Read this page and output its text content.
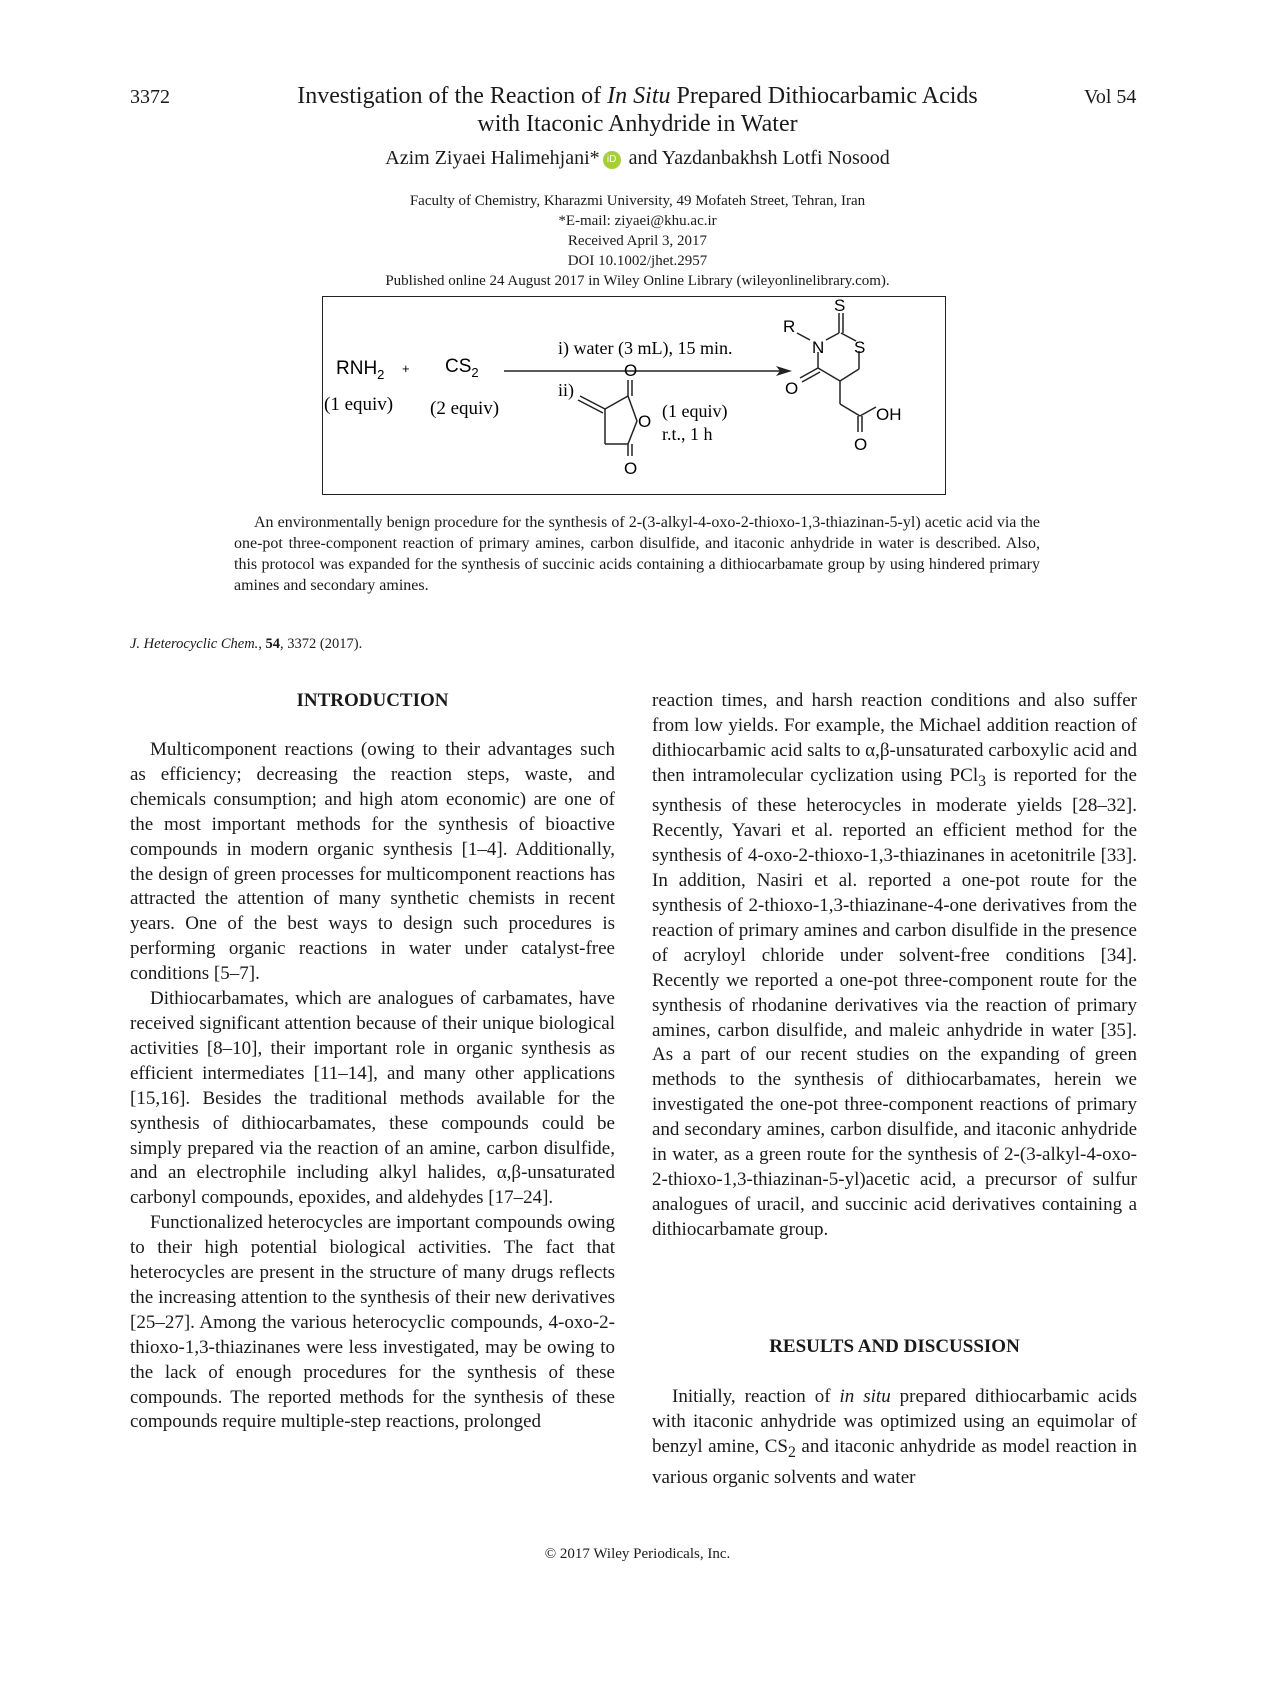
3372	Vol 54
Investigation of the Reaction of In Situ Prepared Dithiocarbamic Acids
with Itaconic Anhydride in Water
Azim Ziyaei Halimehjani* iD and Yazdanbakhsh Lotfi Nosood
Faculty of Chemistry, Kharazmi University, 49 Mofateh Street, Tehran, Iran
*E-mail: ziyaei@khu.ac.ir
Received April 3, 2017
DOI 10.1002/jhet.2957
Published online 24 August 2017 in Wiley Online Library (wileyonlinelibrary.com).
$RNH_2 + CS_2$
(1 equiv) (2 equiv)
i) water (3 mL), 15 min.
ii)
O
O
O
(1 equiv)
r.t., 1 h
S
R
N S
O
OH
O
An environmentally benign procedure for the synthesis of 2-(3-alkyl-4-oxo-2-thioxo-1,3-thiazinan-5-yl) acetic acid via the one-pot three-component reaction of primary amines, carbon disulfide, and itaconic anhydride in water is described. Also, this protocol was expanded for the synthesis of succinic acids containing a dithiocarbamate group by using hindered primary amines and secondary amines.
J. Heterocyclic Chem., 54, 3372 (2017).
INTRODUCTION

Multicomponent reactions (owing to their advantages such as efficiency; decreasing the reaction steps, waste, and chemicals consumption; and high atom economic) are one of the most important methods for the synthesis of bioactive compounds in modern organic synthesis [1–4]. Additionally, the design of green processes for multicomponent reactions has attracted the attention of many synthetic chemists in recent years. One of the best ways to design such procedures is performing organic reactions in water under catalyst-free conditions [5–7].

Dithiocarbamates, which are analogues of carbamates, have received significant attention because of their unique biological activities [8–10], their important role in organic synthesis as efficient intermediates [11–14], and many other applications [15,16]. Besides the traditional methods available for the synthesis of dithiocarbamates, these compounds could be simply prepared via the reaction of an amine, carbon disulfide, and an electrophile including alkyl halides, α,β-unsaturated carbonyl compounds, epoxides, and aldehydes [17–24].

Functionalized heterocycles are important compounds owing to their high potential biological activities. The fact that heterocycles are present in the structure of many drugs reflects the increasing attention to the synthesis of their new derivatives [25–27]. Among the various heterocyclic compounds, 4-oxo-2-thioxo-1,3-thiazinanes were less investigated, may be owing to the lack of enough procedures for the synthesis of these compounds. The reported methods for the synthesis of these compounds require multiple-step reactions, prolonged

reaction times, and harsh reaction conditions and also suffer from low yields. For example, the Michael addition reaction of dithiocarbamic acid salts to α,β-unsaturated carboxylic acid and then intramolecular cyclization using PCl$_3$ is reported for the synthesis of these heterocycles in moderate yields [28–32]. Recently, Yavari et al. reported an efficient method for the synthesis of 4-oxo-2-thioxo-1,3-thiazinanes in acetonitrile [33]. In addition, Nasiri et al. reported a one-pot route for the synthesis of 2-thioxo-1,3-thiazinane-4-one derivatives from the reaction of primary amines and carbon disulfide in the presence of acryloyl chloride under solvent-free conditions [34]. Recently we reported a one-pot three-component route for the synthesis of rhodanine derivatives via the reaction of primary amines, carbon disulfide, and maleic anhydride in water [35]. As a part of our recent studies on the expanding of green methods to the synthesis of dithiocarbamates, herein we investigated the one-pot three-component reactions of primary and secondary amines, carbon disulfide, and itaconic anhydride in water, as a green route for the synthesis of 2-(3-alkyl-4-oxo-2-thioxo-1,3-thiazinan-5-yl)acetic acid, a precursor of sulfur analogues of uracil, and succinic acid derivatives containing a dithiocarbamate group.

RESULTS AND DISCUSSION

Initially, reaction of in situ prepared dithiocarbamic acids with itaconic anhydride was optimized using an equimolar of benzyl amine, $CS_2$ and itaconic anhydride as model reaction in various organic solvents and water

© 2017 Wiley Periodicals, Inc.
